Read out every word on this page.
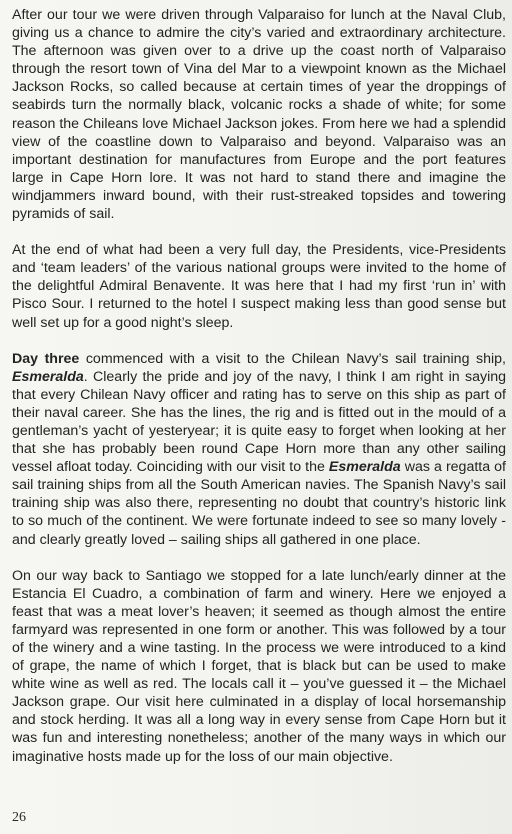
After our tour we were driven through Valparaiso for lunch at the Naval Club, giving us a chance to admire the city’s varied and extraordinary architecture. The afternoon was given over to a drive up the coast north of Valparaiso through the resort town of Vina del Mar to a viewpoint known as the Michael Jackson Rocks, so called because at certain times of year the droppings of seabirds turn the normally black, volcanic rocks a shade of white; for some reason the Chileans love Michael Jackson jokes. From here we had a splendid view of the coastline down to Valparaiso and beyond. Valparaiso was an important destination for manufactures from Europe and the port features large in Cape Horn lore. It was not hard to stand there and imagine the windjammers inward bound, with their rust-streaked topsides and towering pyramids of sail.

At the end of what had been a very full day, the Presidents, vice-Presidents and ‘team leaders’ of the various national groups were invited to the home of the delightful Admiral Benavente. It was here that I had my first ‘run in’ with Pisco Sour. I returned to the hotel I suspect making less than good sense but well set up for a good night’s sleep.

Day three commenced with a visit to the Chilean Navy’s sail training ship, Esmeralda. Clearly the pride and joy of the navy, I think I am right in saying that every Chilean Navy officer and rating has to serve on this ship as part of their naval career. She has the lines, the rig and is fitted out in the mould of a gentleman’s yacht of yesteryear; it is quite easy to forget when looking at her that she has probably been round Cape Horn more than any other sailing vessel afloat today. Coinciding with our visit to the Esmeralda was a regatta of sail training ships from all the South American navies. The Spanish Navy’s sail training ship was also there, representing no doubt that country’s historic link to so much of the continent. We were fortunate indeed to see so many lovely - and clearly greatly loved – sailing ships all gathered in one place.

On our way back to Santiago we stopped for a late lunch/early dinner at the Estancia El Cuadro, a combination of farm and winery. Here we enjoyed a feast that was a meat lover’s heaven; it seemed as though almost the entire farmyard was represented in one form or another. This was followed by a tour of the winery and a wine tasting. In the process we were introduced to a kind of grape, the name of which I forget, that is black but can be used to make white wine as well as red. The locals call it – you’ve guessed it – the Michael Jackson grape. Our visit here culminated in a display of local horsemanship and stock herding. It was all a long way in every sense from Cape Horn but it was fun and interesting nonetheless; another of the many ways in which our imaginative hosts made up for the loss of our main objective.

26
